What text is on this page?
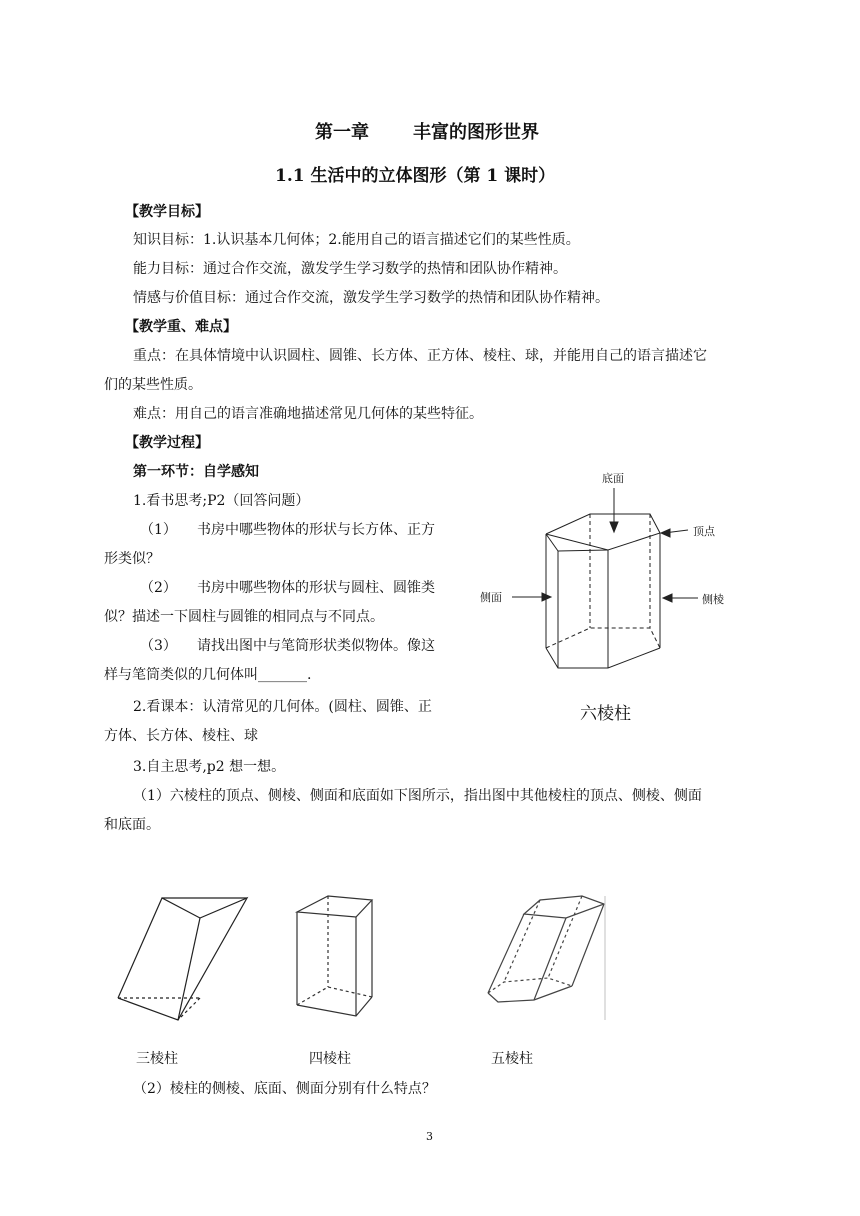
第一章 丰富的图形世界
1.1 生活中的立体图形（第 1 课时）
【教学目标】
知识目标：1.认识基本几何体；2.能用自己的语言描述它们的某些性质。
能力目标：通过合作交流，激发学生学习数学的热情和团队协作精神。
情感与价值目标：通过合作交流，激发学生学习数学的热情和团队协作精神。
【教学重、难点】
重点：在具体情境中认识圆柱、圆锥、长方体、正方体、棱柱、球，并能用自己的语言描述它
们的某些性质。
难点：用自己的语言准确地描述常见几何体的某些特征。
【教学过程】
第一环节：自学感知
1.看书思考;P2（回答问题）
（1） 书房中哪些物体的形状与长方体、正方
形类似？
（2） 书房中哪些物体的形状与圆柱、圆锥类
似？描述一下圆柱与圆锥的相同点与不同点。
（3） 请找出图中与笔筒形状类似物体。像这
样与笔筒类似的几何体叫_______.
2.看课本：认清常见的几何体。(圆柱、圆锥、正
方体、长方体、棱柱、球
3.自主思考,p2 想一想。
（1）六棱柱的顶点、侧棱、侧面和底面如下图所示，指出图中其他棱柱的顶点、侧棱、侧面
和底面。
底面
顶点
侧面	侧棱
六棱柱
三棱柱	四棱柱	五棱柱
（2）棱柱的侧棱、底面、侧面分别有什么特点？
3
